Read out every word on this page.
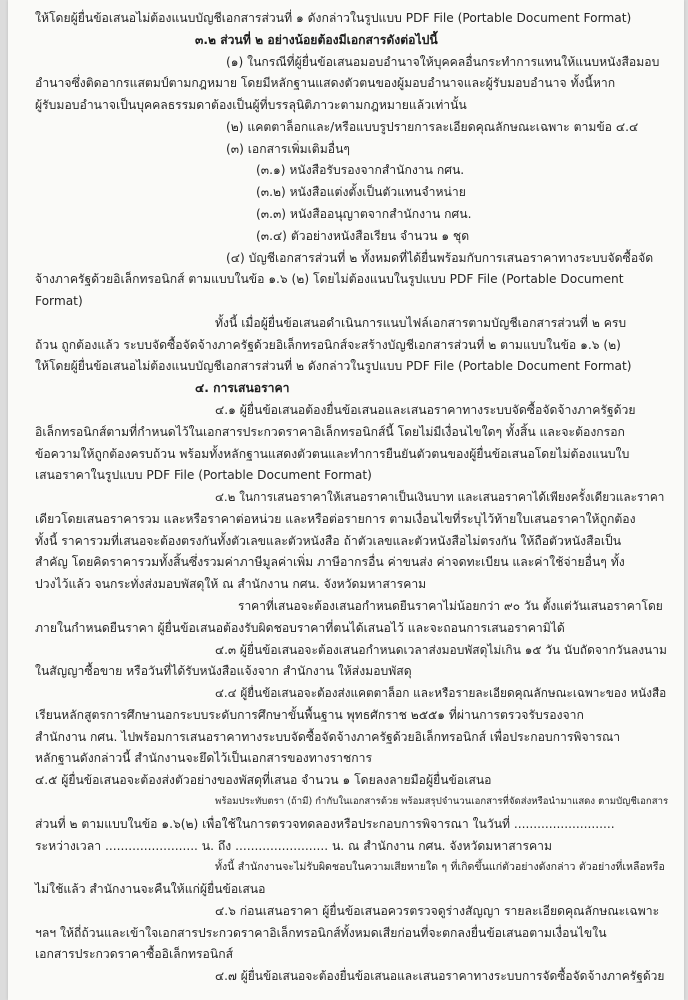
ให้โดยผู้ยื่นข้อเสนอไม่ต้องแนบบัญชีเอกสารส่วนที่ ๑ ดังกล่าวในรูปแบบ PDF File (Portable Document Format)
๓.๒ ส่วนที่ ๒ อย่างน้อยต้องมีเอกสารดังต่อไปนี้
(๑) ในกรณีที่ผู้ยื่นข้อเสนอมอบอำนาจให้บุคคลอื่นกระทำการแทนให้แนบหนังสือมอบ
อำนาจซึ่งติดอากรแสตมป์ตามกฎหมาย โดยมีหลักฐานแสดงตัวตนของผู้มอบอำนาจและผู้รับมอบอำนาจ ทั้งนี้หาก
ผู้รับมอบอำนาจเป็นบุคคลธรรมดาต้องเป็นผู้ที่บรรลุนิติภาวะตามกฎหมายแล้วเท่านั้น
(๒) แคตตาล็อกและ/หรือแบบรูปรายการละเอียดคุณลักษณะเฉพาะ ตามข้อ ๔.๔
(๓) เอกสารเพิ่มเติมอื่นๆ
(๓.๑) หนังสือรับรองจากสำนักงาน กศน.
(๓.๒) หนังสือแต่งตั้งเป็นตัวแทนจำหน่าย
(๓.๓) หนังสืออนุญาตจากสำนักงาน กศน.
(๓.๔) ตัวอย่างหนังสือเรียน จำนวน ๑ ชุด
(๔) บัญชีเอกสารส่วนที่ ๒ ทั้งหมดที่ได้ยื่นพร้อมกับการเสนอราคาทางระบบจัดซื้อจัด
จ้างภาครัฐด้วยอิเล็กทรอนิกส์ ตามแบบในข้อ ๑.๖ (๒) โดยไม่ต้องแนบในรูปแบบ PDF File (Portable Document
Format)
ทั้งนี้ เมื่อผู้ยื่นข้อเสนอดำเนินการแนบไฟล์เอกสารตามบัญชีเอกสารส่วนที่ ๒ ครบ
ถ้วน ถูกต้องแล้ว ระบบจัดซื้อจัดจ้างภาครัฐด้วยอิเล็กทรอนิกส์จะสร้างบัญชีเอกสารส่วนที่ ๒ ตามแบบในข้อ ๑.๖ (๒)
ให้โดยผู้ยื่นข้อเสนอไม่ต้องแนบบัญชีเอกสารส่วนที่ ๒ ดังกล่าวในรูปแบบ PDF File (Portable Document Format)
๔. การเสนอราคา
๔.๑ ผู้ยื่นข้อเสนอต้องยื่นข้อเสนอและเสนอราคาทางระบบจัดซื้อจัดจ้างภาครัฐด้วย
อิเล็กทรอนิกส์ตามที่กำหนดไว้ในเอกสารประกวดราคาอิเล็กทรอนิกส์นี้ โดยไม่มีเงื่อนไขใดๆ ทั้งสิ้น และจะต้องกรอก
ข้อความให้ถูกต้องครบถ้วน พร้อมทั้งหลักฐานแสดงตัวตนและทำการยืนยันตัวตนของผู้ยื่นข้อเสนอโดยไม่ต้องแนบใบ
เสนอราคาในรูปแบบ PDF File (Portable Document Format)
๔.๒ ในการเสนอราคาให้เสนอราคาเป็นเงินบาท และเสนอราคาได้เพียงครั้งเดียวและราคา
เดียวโดยเสนอราคารวม และหรือราคาต่อหน่วย และหรือต่อรายการ ตามเงื่อนไขที่ระบุไว้ท้ายใบเสนอราคาให้ถูกต้อง
ทั้งนี้ ราคารวมที่เสนอจะต้องตรงกันทั้งตัวเลขและตัวหนังสือ ถ้าตัวเลขและตัวหนังสือไม่ตรงกัน ให้ถือตัวหนังสือเป็น
สำคัญ โดยคิดราคารวมทั้งสิ้นซึ่งรวมค่าภาษีมูลค่าเพิ่ม ภาษีอากรอื่น ค่าขนส่ง ค่าจดทะเบียน และค่าใช้จ่ายอื่นๆ ทั้ง
ปวงไว้แล้ว จนกระทั่งส่งมอบพัสดุให้ ณ สำนักงาน กศน. จังหวัดมหาสารคาม
ราคาที่เสนอจะต้องเสนอกำหนดยืนราคาไม่น้อยกว่า ๙๐ วัน ตั้งแต่วันเสนอราคาโดย
ภายในกำหนดยืนราคา ผู้ยื่นข้อเสนอต้องรับผิดชอบราคาที่ตนได้เสนอไว้ และจะถอนการเสนอราคามิได้
๔.๓ ผู้ยื่นข้อเสนอจะต้องเสนอกำหนดเวลาส่งมอบพัสดุไม่เกิน ๑๕ วัน นับถัดจากวันลงนาม
ในสัญญาซื้อขาย หรือวันที่ได้รับหนังสือแจ้งจาก สำนักงาน ให้ส่งมอบพัสดุ
๔.๔ ผู้ยื่นข้อเสนอจะต้องส่งแคตตาล็อก และหรือรายละเอียดคุณลักษณะเฉพาะของ หนังสือ
เรียนหลักสูตรการศึกษานอกระบบระดับการศึกษาขั้นพื้นฐาน พุทธศักราช ๒๕๕๑ ที่ผ่านการตรวจรับรองจาก
สำนักงาน กศน. ไปพร้อมการเสนอราคาทางระบบจัดซื้อจัดจ้างภาครัฐด้วยอิเล็กทรอนิกส์ เพื่อประกอบการพิจารณา
หลักฐานดังกล่าวนี้ สำนักงานจะยึดไว้เป็นเอกสารของทางราชการ
๔.๕ ผู้ยื่นข้อเสนอจะต้องส่งตัวอย่างของพัสดุที่เสนอ จำนวน ๑ โดยลงลายมือผู้ยื่นข้อเสนอ
พร้อมประทับตรา (ถ้ามี) กำกับในเอกสารด้วย พร้อมสรุปจำนวนเอกสารที่จัดส่งหรือนำมาแสดง ตามบัญชีเอกสาร
ส่วนที่ ๒ ตามแบบในข้อ ๑.๖(๒) เพื่อใช้ในการตรวจทดลองหรือประกอบการพิจารณา ในวันที่ ..........................
ระหว่างเวลา ........................ น. ถึง ........................ น. ณ สำนักงาน กศน. จังหวัดมหาสารคาม
ทั้งนี้ สำนักงานจะไม่รับผิดชอบในความเสียหายใด ๆ ที่เกิดขึ้นแก่ตัวอย่างดังกล่าว ตัวอย่างที่เหลือหรือ
ไม่ใช้แล้ว สำนักงานจะคืนให้แก่ผู้ยื่นข้อเสนอ
๔.๖ ก่อนเสนอราคา ผู้ยื่นข้อเสนอควรตรวจดูร่างสัญญา รายละเอียดคุณลักษณะเฉพาะ
ฯลฯ ให้ถี่ถ้วนและเข้าใจเอกสารประกวดราคาอิเล็กทรอนิกส์ทั้งหมดเสียก่อนที่จะตกลงยื่นข้อเสนอตามเงื่อนไขใน
เอกสารประกวดราคาซื้ออิเล็กทรอนิกส์
๔.๗ ผู้ยื่นข้อเสนอจะต้องยื่นข้อเสนอและเสนอราคาทางระบบการจัดซื้อจัดจ้างภาครัฐด้วย
